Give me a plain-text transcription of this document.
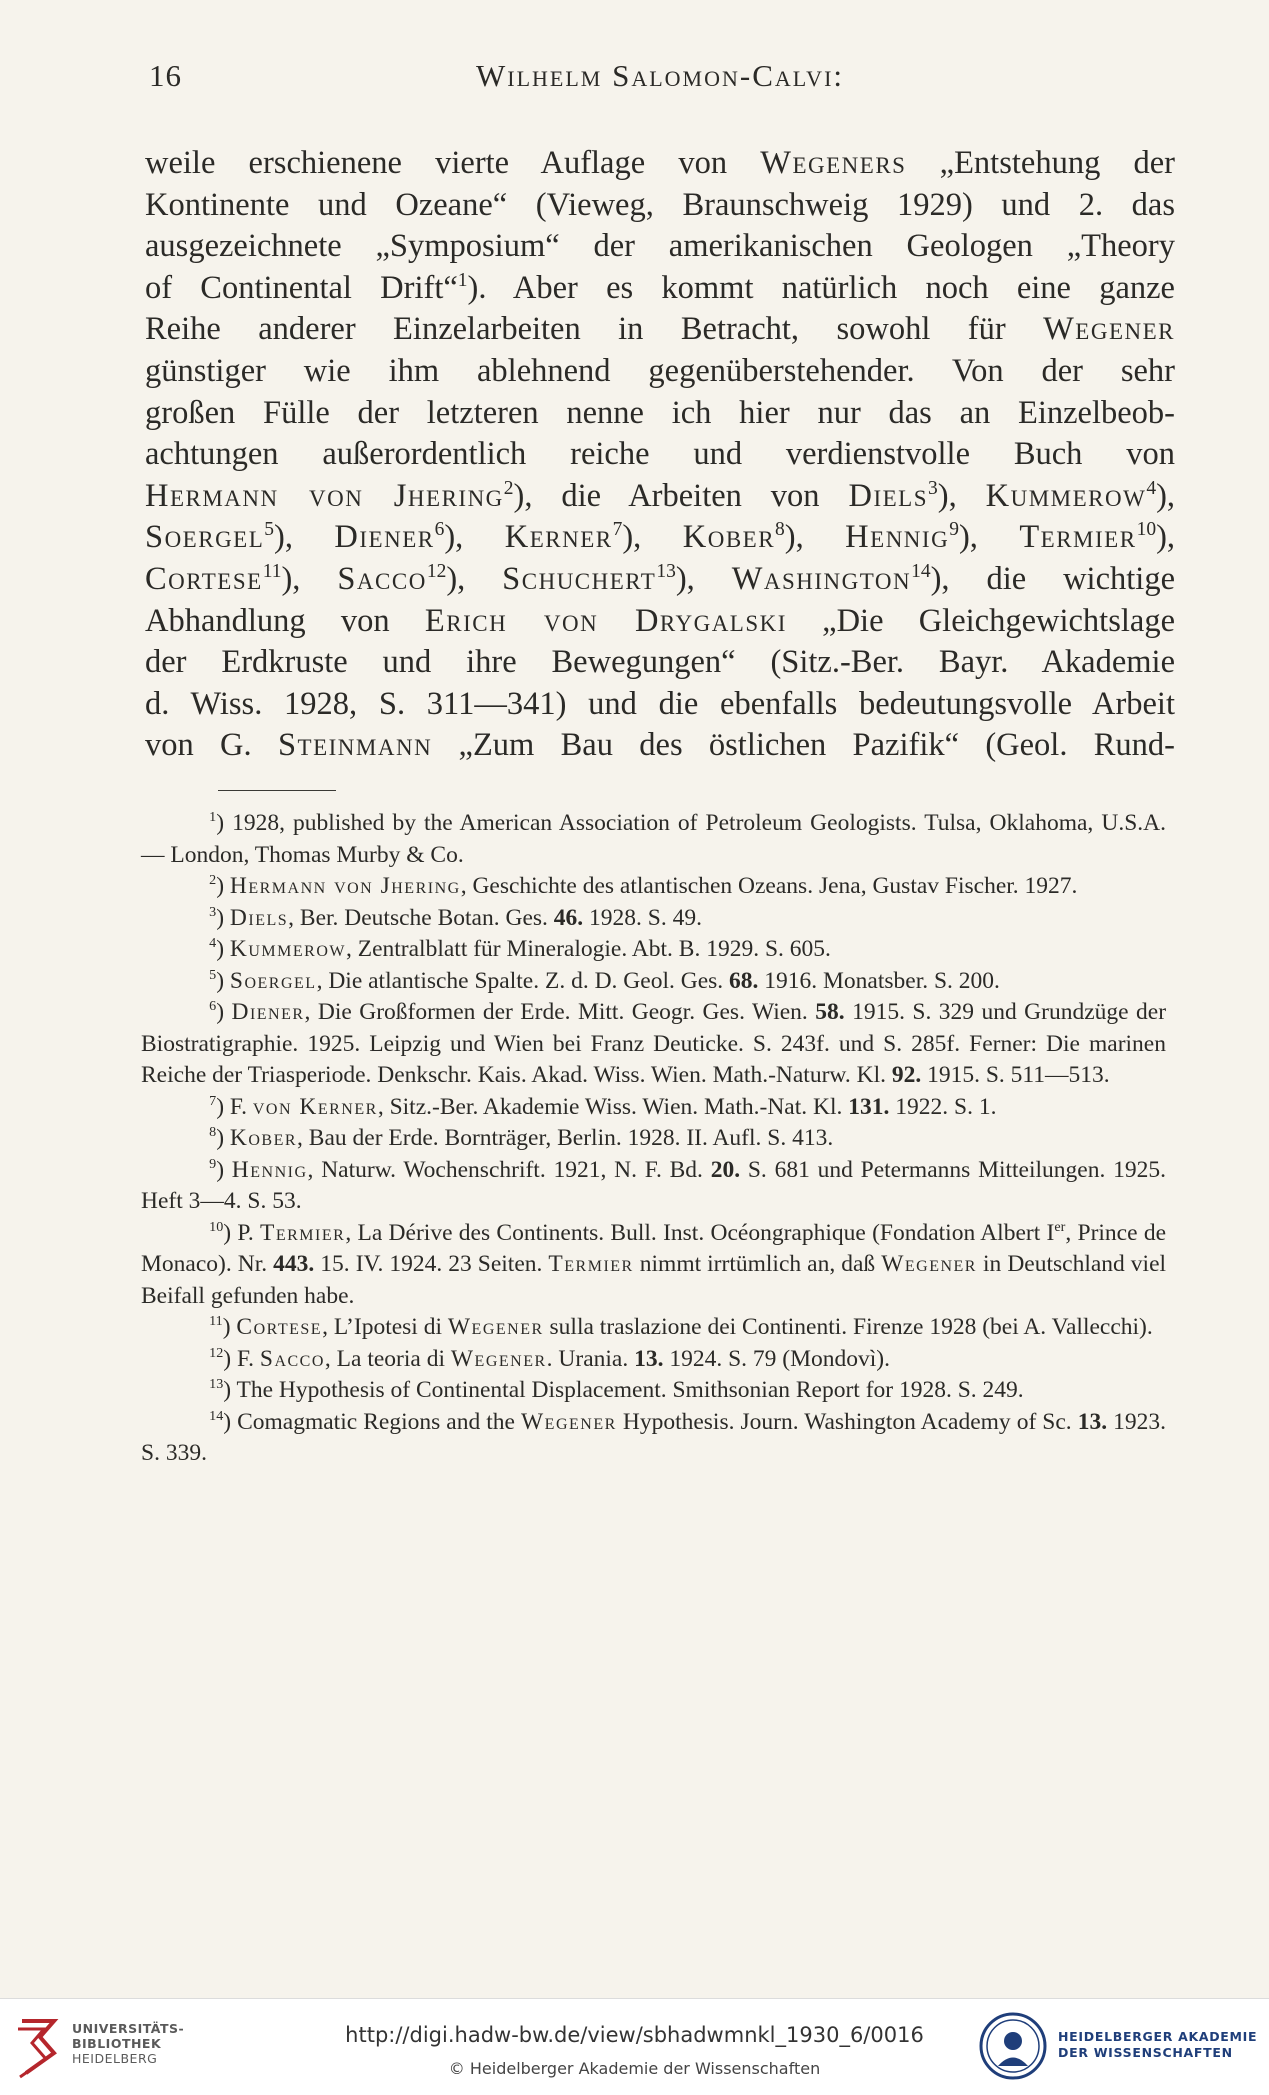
16	Wilhelm Salomon-Calvi:
weile erschienene vierte Auflage von Wegeners „Entstehung der
Kontinente und Ozeane“ (Vieweg, Braunschweig 1929) und 2. das
ausgezeichnete „Symposium“ der amerikanischen Geologen „Theory
of Continental Drift“$^1$). Aber es kommt natürlich noch eine ganze
Reihe anderer Einzelarbeiten in Betracht, sowohl für Wegener
günstiger wie ihm ablehnend gegenüberstehender. Von der sehr
großen Fülle der letzteren nenne ich hier nur das an Einzelbeob-
achtungen außerordentlich reiche und verdienstvolle Buch von
Hermann von Jhering$^2$), die Arbeiten von Diels$^3$), Kummerow$^4$),
Soergel$^5$), Diener$^6$), Kerner$^7$), Kober$^8$), Hennig$^9$), Termier$^{10}$),
Cortese$^{11}$), Sacco$^{12}$), Schuchert$^{13}$), Washington$^{14}$), die wichtige
Abhandlung von Erich von Drygalski „Die Gleichgewichtslage
der Erdkruste und ihre Bewegungen“ (Sitz.-Ber. Bayr. Akademie
d. Wiss. 1928, S. 311—341) und die ebenfalls bedeutungsvolle Arbeit
von G. Steinmann „Zum Bau des östlichen Pazifik“ (Geol. Rund-

$^1$) 1928, published by the American Association of Petroleum Geologists. Tulsa, Oklahoma, U.S.A. — London, Thomas Murby & Co.

$^2$) Hermann von Jhering, Geschichte des atlantischen Ozeans. Jena, Gustav Fischer. 1927.

$^3$) Diels, Ber. Deutsche Botan. Ges. 46. 1928. S. 49.

$^4$) Kummerow, Zentralblatt für Mineralogie. Abt. B. 1929. S. 605.

$^5$) Soergel, Die atlantische Spalte. Z. d. D. Geol. Ges. 68. 1916. Monatsber. S. 200.

$^6$) Diener, Die Großformen der Erde. Mitt. Geogr. Ges. Wien. 58. 1915. S. 329 und Grundzüge der Biostratigraphie. 1925. Leipzig und Wien bei Franz Deuticke. S. 243f. und S. 285f. Ferner: Die marinen Reiche der Triasperiode. Denkschr. Kais. Akad. Wiss. Wien. Math.-Naturw. Kl. 92. 1915. S. 511—513.

$^7$) F. von Kerner, Sitz.-Ber. Akademie Wiss. Wien. Math.-Nat. Kl. 131. 1922. S. 1.

$^8$) Kober, Bau der Erde. Bornträger, Berlin. 1928. II. Aufl. S. 413.

$^9$) Hennig, Naturw. Wochenschrift. 1921, N. F. Bd. 20. S. 681 und Petermanns Mitteilungen. 1925. Heft 3—4. S. 53.

$^{10}$) P. Termier, La Dérive des Continents. Bull. Inst. Océongraphique (Fondation Albert Ier, Prince de Monaco). Nr. 443. 15. IV. 1924. 23 Seiten. Termier nimmt irrtümlich an, daß Wegener in Deutschland viel Beifall gefunden habe.

$^{11}$) Cortese, L’Ipotesi di Wegener sulla traslazione dei Continenti. Firenze 1928 (bei A. Vallecchi).

$^{12}$) F. Sacco, La teoria di Wegener. Urania. 13. 1924. S. 79 (Mondovì).

$^{13}$) The Hypothesis of Continental Displacement. Smithsonian Report for 1928. S. 249.

$^{14}$) Comagmatic Regions and the Wegener Hypothesis. Journ. Washington Academy of Sc. 13. 1923. S. 339.

UNIVERSITÄTS-
BIBLIOTHEK
HEIDELBERG
http://digi.hadw-bw.de/view/sbhadwmnkl_1930_6/0016
© Heidelberger Akademie der Wissenschaften
HEIDELBERGER AKADEMIE
DER WISSENSCHAFTEN
